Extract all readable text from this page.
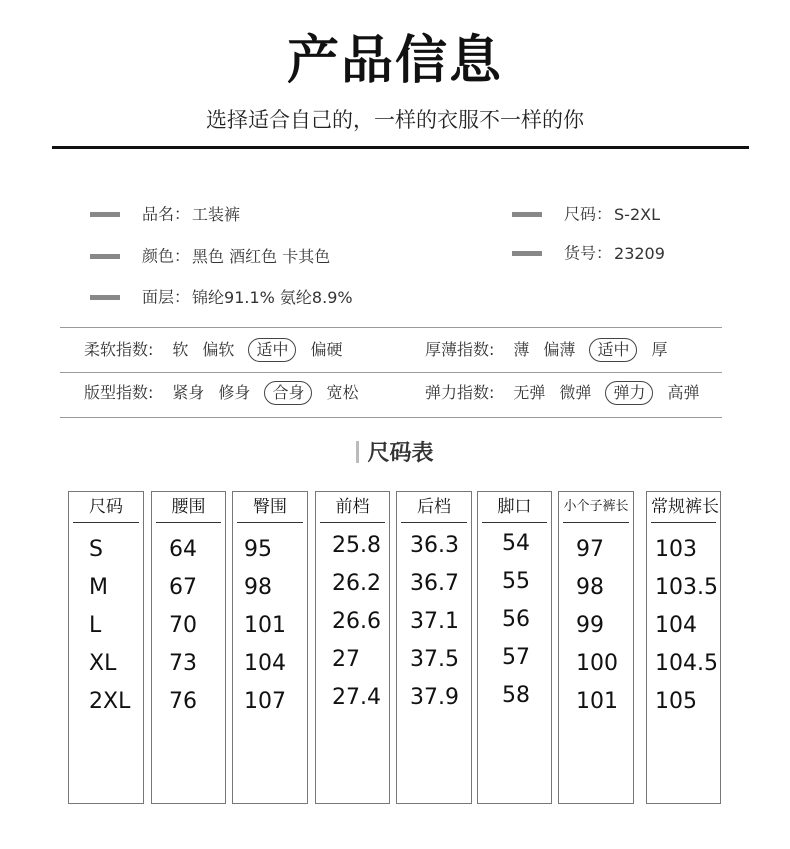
产品信息
选择适合自己的，一样的衣服不一样的你
品名： 工装裤
颜色： 黑色 酒红色 卡其色
面层： 锦纶91.1% 氨纶8.9%
尺码： S-2XL
货号： 23209
柔软指数: 软 偏软 适中 偏硬	厚薄指数: 薄 偏薄 适中 厚
版型指数: 紧身 修身 合身 宽松	弹力指数: 无弹 微弹 弹力 高弹
尺码表
尺码
S
M
L
XL
2XL
腰围
64
67
70
73
76
臀围
95
98
101
104
107
前档
25.8
26.2
26.6
27
27.4
后档
36.3
36.7
37.1
37.5
37.9
脚口
54
55
56
57
58
小个子裤长
97
98
99
100
101
常规裤长
103
103.5
104
104.5
105
